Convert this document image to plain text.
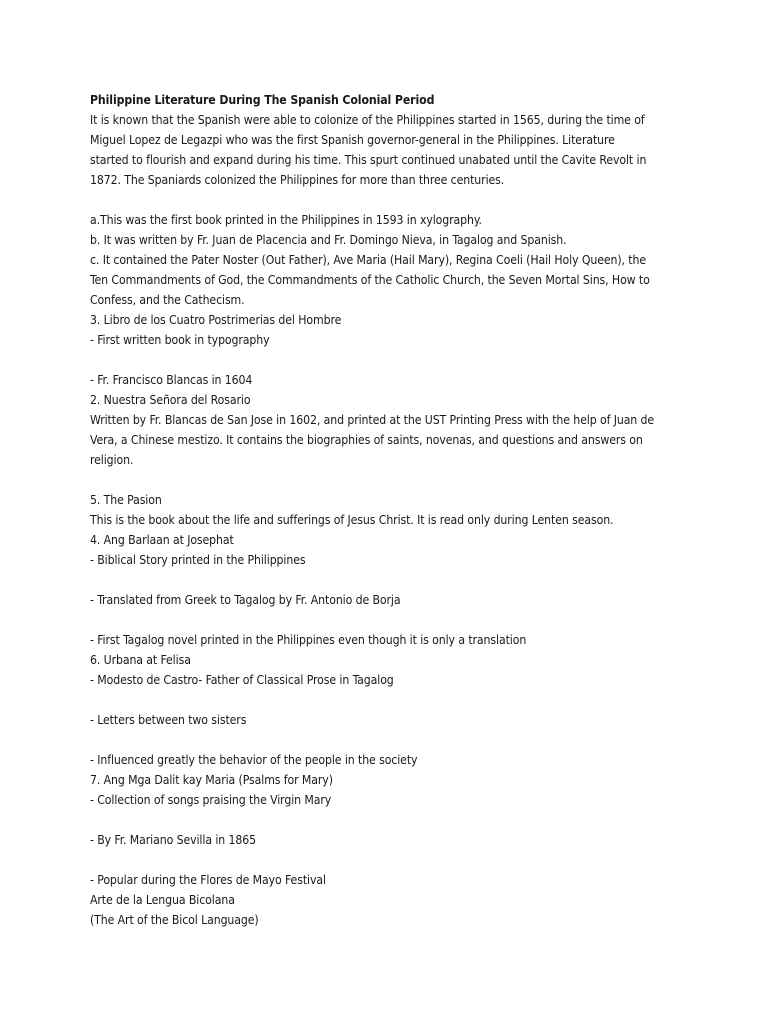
Philippine Literature During The Spanish Colonial Period
It is known that the Spanish were able to colonize of the Philippines started in 1565, during the time of
Miguel Lopez de Legazpi who was the first Spanish governor-general in the Philippines. Literature
started to flourish and expand during his time. This spurt continued unabated until the Cavite Revolt in
1872. The Spaniards colonized the Philippines for more than three centuries.
a.This was the first book printed in the Philippines in 1593 in xylography.
b. It was written by Fr. Juan de Placencia and Fr. Domingo Nieva, in Tagalog and Spanish.
c. It contained the Pater Noster (Out Father), Ave Maria (Hail Mary), Regina Coeli (Hail Holy Queen), the
Ten Commandments of God, the Commandments of the Catholic Church, the Seven Mortal Sins, How to
Confess, and the Cathecism.
3. Libro de los Cuatro Postrimerias del Hombre
- First written book in typography
- Fr. Francisco Blancas in 1604
2. Nuestra Señora del Rosario
Written by Fr. Blancas de San Jose in 1602, and printed at the UST Printing Press with the help of Juan de
Vera, a Chinese mestizo. It contains the biographies of saints, novenas, and questions and answers on
religion.
5. The Pasion
This is the book about the life and sufferings of Jesus Christ. It is read only during Lenten season.
4. Ang Barlaan at Josephat
- Biblical Story printed in the Philippines
- Translated from Greek to Tagalog by Fr. Antonio de Borja
- First Tagalog novel printed in the Philippines even though it is only a translation
6. Urbana at Felisa
- Modesto de Castro- Father of Classical Prose in Tagalog
- Letters between two sisters
- Influenced greatly the behavior of the people in the society
7. Ang Mga Dalit kay Maria (Psalms for Mary)
- Collection of songs praising the Virgin Mary
- By Fr. Mariano Sevilla in 1865
- Popular during the Flores de Mayo Festival
Arte de la Lengua Bicolana
(The Art of the Bicol Language)
